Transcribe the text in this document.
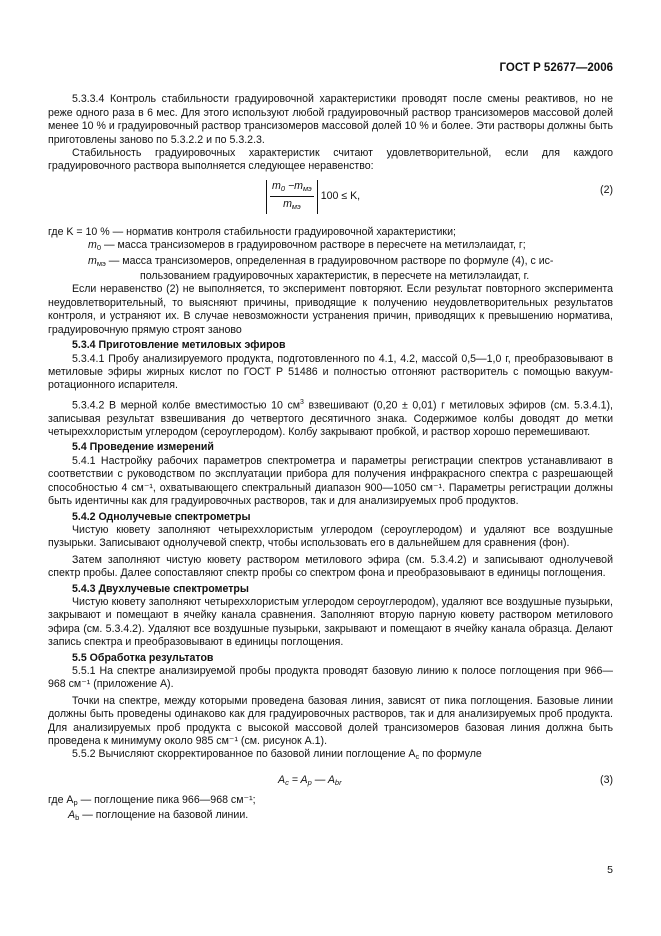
ГОСТ Р 52677—2006

5.3.3.4 Контроль стабильности градуировочной характеристики проводят после смены реактивов, но не реже одного раза в 6 мес. Для этого используют любой градуировочный раствор трансизомеров массовой долей менее 10 % и градуировочный раствор трансизомеров массовой долей 10 % и более. Эти растворы должны быть приготовлены заново по 5.3.2.2 и по 5.3.2.3.

Стабильность градуировочных характеристик считают удовлетворительной, если для каждого градуировочного раствора выполняется следующее неравенство:

$\frac{m_0 -m_{мэ}}{m_{мэ}} 100 \le K$,
(2)

где K = 10 % — норматив контроля стабильности градуировочной характеристики;

$m_0$ — масса трансизомеров в градуировочном растворе в пересчете на метилэлаидат, г;

$m_{мэ}$ — масса трансизомеров, определенная в градуировочном растворе по формуле (4), с ис-

пользованием градуировочных характеристик, в пересчете на метилэлаидат, г.

Если неравенство (2) не выполняется, то эксперимент повторяют. Если результат повторного эксперимента неудовлетворительный, то выясняют причины, приводящие к получению неудовлетворительных результатов контроля, и устраняют их. В случае невозможности устранения причин, приводящих к превышению норматива, градуировочную прямую строят заново

5.3.4 Приготовление метиловых эфиров

5.3.4.1 Пробу анализируемого продукта, подготовленного по 4.1, 4.2, массой 0,5—1,0 г, преобразовывают в метиловые эфиры жирных кислот по ГОСТ Р 51486 и полностью отгоняют растворитель с помощью вакуум-ротационного испарителя.

5.3.4.2 В мерной колбе вместимостью 10 $см^3$ взвешивают (0,20 ± 0,01) г метиловых эфиров (см. 5.3.4.1), записывая результат взвешивания до четвертого десятичного знака. Содержимое колбы доводят до метки четыреххлористым углеродом (сероуглеродом). Колбу закрывают пробкой, и раствор хорошо перемешивают.

5.4 Проведение измерений

5.4.1 Настройку рабочих параметров спектрометра и параметры регистрации спектров устанавливают в соответствии с руководством по эксплуатации прибора для получения инфракрасного спектра с разрешающей способностью 4 см⁻¹, охватывающего спектральный диапазон 900—1050 см⁻¹. Параметры регистрации должны быть идентичны как для градуировочных растворов, так и для анализируемых проб продуктов.

5.4.2 Однолучевые спектрометры

Чистую кювету заполняют четыреххлористым углеродом (сероуглеродом) и удаляют все воздушные пузырьки. Записывают однолучевой спектр, чтобы использовать его в дальнейшем для сравнения (фон).

Затем заполняют чистую кювету раствором метилового эфира (см. 5.3.4.2) и записывают однолучевой спектр пробы. Далее сопоставляют спектр пробы со спектром фона и преобразовывают в единицы поглощения.

5.4.3 Двухлучевые спектрометры

Чистую кювету заполняют четыреххлористым углеродом сероуглеродом), удаляют все воздушные пузырьки, закрывают и помещают в ячейку канала сравнения. Заполняют вторую парную кювету раствором метилового эфира (см. 5.3.4.2). Удаляют все воздушные пузырьки, закрывают и помещают в ячейку канала образца. Делают запись спектра и преобразовывают в единицы поглощения.

5.5 Обработка результатов

5.5.1 На спектре анализируемой пробы продукта проводят базовую линию к полосе поглощения при 966—968 см⁻¹ (приложение А).

Точки на спектре, между которыми проведена базовая линия, зависят от пика поглощения. Базовые линии должны быть проведены одинаково как для градуировочных растворов, так и для анализируемых проб продукта. Для анализируемых проб продукта с высокой массовой долей трансизомеров базовая линия должна быть проведена к минимуму около 985 см⁻¹ (см. рисунок А.1).

5.5.2 Вычисляют скорректированное по базовой линии поглощение $A_c$ по формуле

$A_c = A_p$ — $A_{br}$	(3)

где $A_p$ — поглощение пика 966—968 см⁻¹;

$A_b$ — поглощение на базовой линии.

5
